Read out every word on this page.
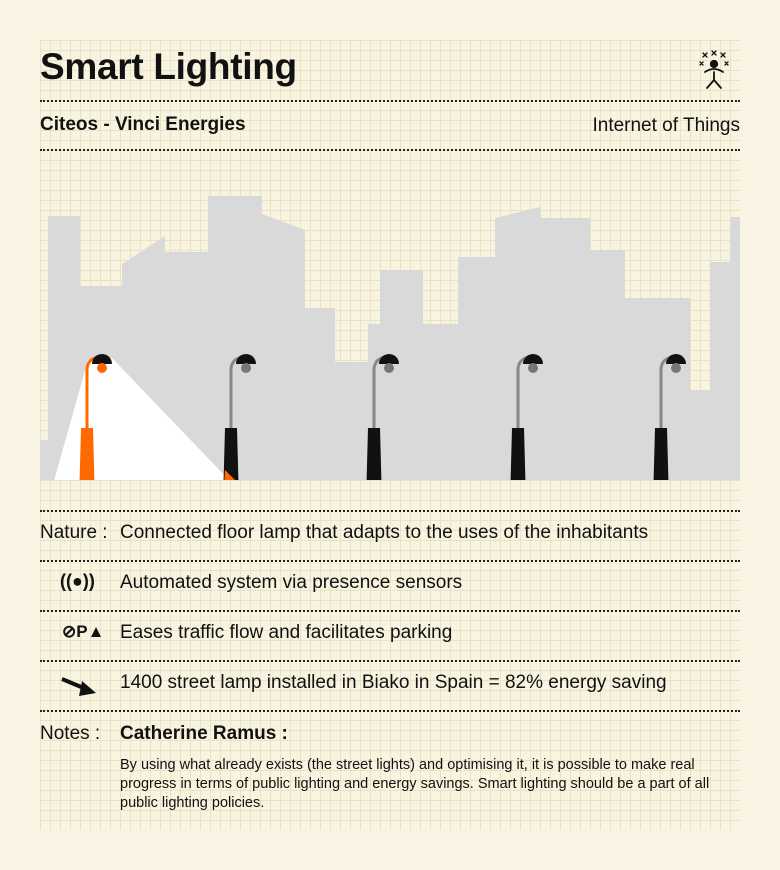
Smart Lighting
Citeos - Vinci Energies	Internet of Things
Nature : Connected floor lamp that adapts to the uses of the inhabitants
((●)) Automated system via presence sensors
⊘P▲ Eases traffic flow and facilitates parking
1400 street lamp installed in Biako in Spain = 82% energy saving
Notes : Catherine Ramus :
By using what already exists (the street lights) and optimising it, it is possible to make real progress in terms of public lighting and energy savings. Smart lighting should be a part of all public lighting policies.
